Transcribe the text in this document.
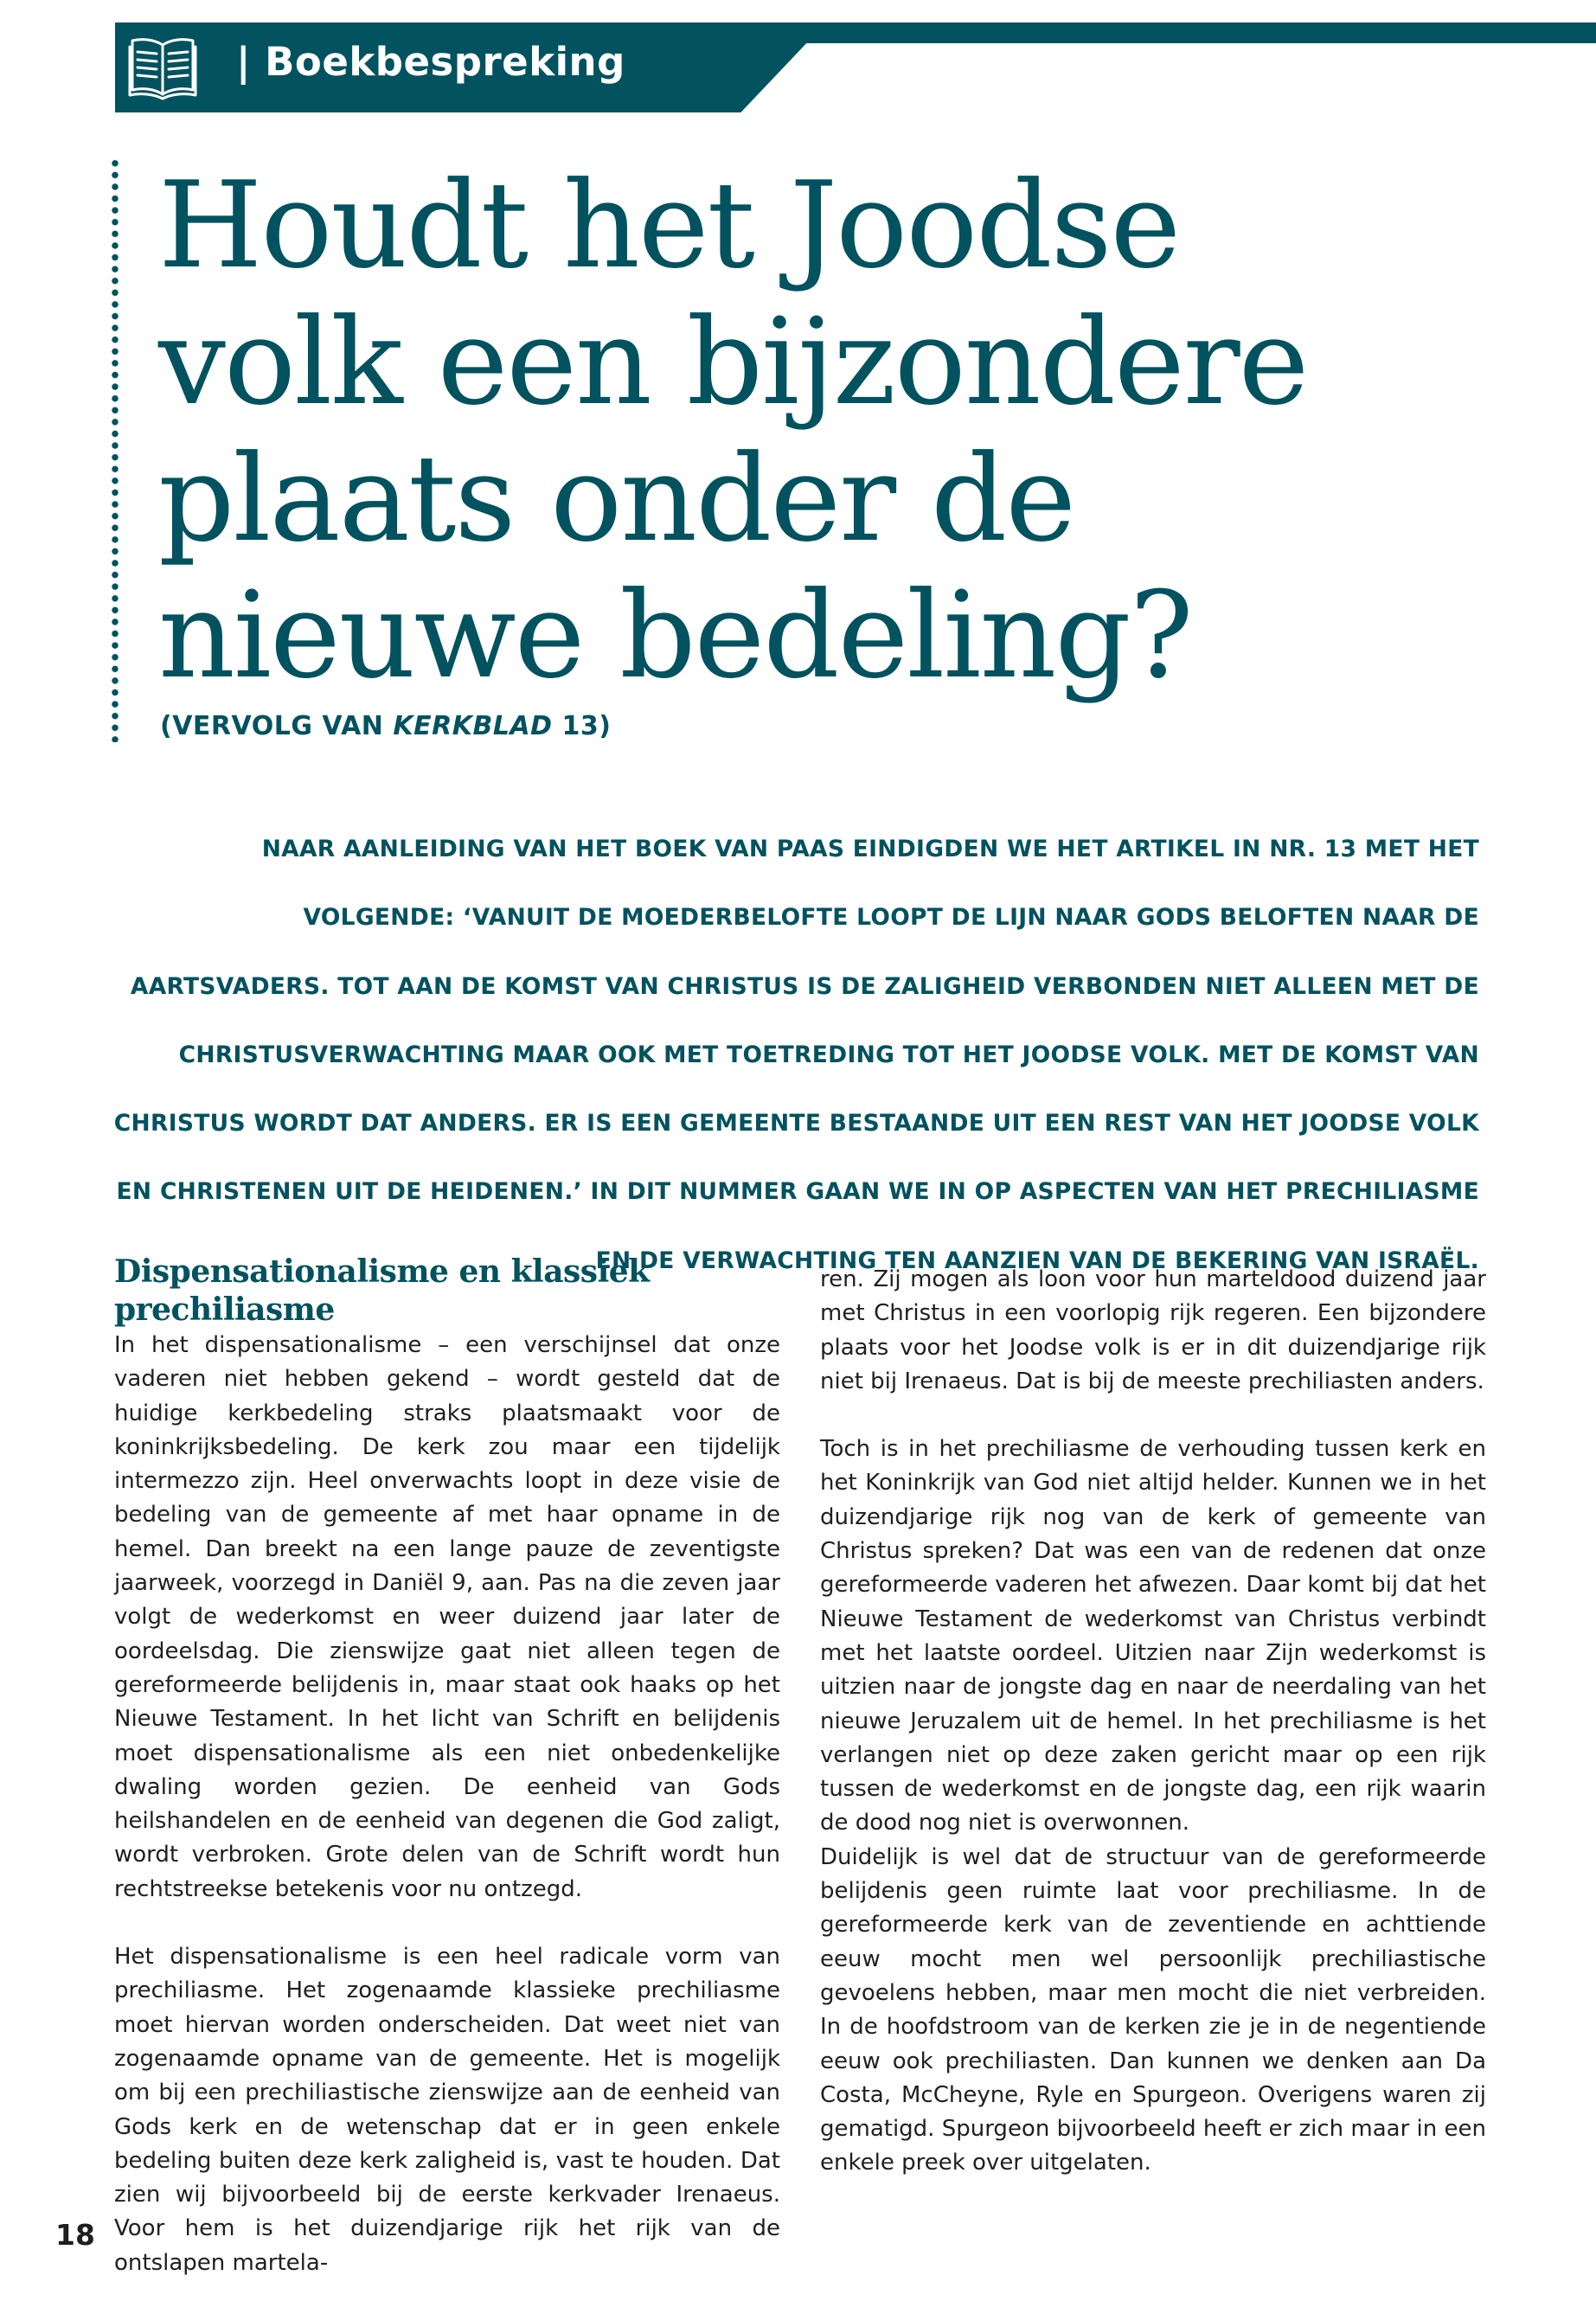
| Boekbespreking
Houdt het Joodse volk een bijzondere plaats onder de nieuwe bedeling?
(VERVOLG VAN KERKBLAD 13)

NAAR AANLEIDING VAN HET BOEK VAN PAAS EINDIGDEN WE HET ARTIKEL IN NR. 13 MET HET VOLGENDE: ‘VANUIT DE MOEDERBELOFTE LOOPT DE LIJN NAAR GODS BELOFTEN NAAR DE AARTSVADERS. TOT AAN DE KOMST VAN CHRISTUS IS DE ZALIGHEID VERBONDEN NIET ALLEEN MET DE CHRISTUSVERWACHTING MAAR OOK MET TOETREDING TOT HET JOODSE VOLK. MET DE KOMST VAN CHRISTUS WORDT DAT ANDERS. ER IS EEN GEMEENTE BESTAANDE UIT EEN REST VAN HET JOODSE VOLK EN CHRISTENEN UIT DE HEIDENEN.’ IN DIT NUMMER GAAN WE IN OP ASPECTEN VAN HET PRECHILIASME EN DE VERWACHTING TEN AANZIEN VAN DE BEKERING VAN ISRAËL.

Dispensationalisme en klassiek prechiliasme

In het dispensationalisme – een verschijnsel dat onze vaderen niet hebben gekend – wordt gesteld dat de huidige kerkbedeling straks plaatsmaakt voor de koninkrijksbedeling. De kerk zou maar een tijdelijk intermezzo zijn. Heel onverwachts loopt in deze visie de bedeling van de gemeente af met haar opname in de hemel. Dan breekt na een lange pauze de zeventigste jaarweek, voorzegd in Daniël 9, aan. Pas na die zeven jaar volgt de wederkomst en weer duizend jaar later de oordeelsdag. Die zienswijze gaat niet alleen tegen de gereformeerde belijdenis in, maar staat ook haaks op het Nieuwe Testament. In het licht van Schrift en belijdenis moet dispensationalisme als een niet onbedenkelijke dwaling worden gezien. De eenheid van Gods heilshandelen en de eenheid van degenen die God zaligt, wordt verbroken. Grote delen van de Schrift wordt hun rechtstreekse betekenis voor nu ontzegd.

Het dispensationalisme is een heel radicale vorm van prechiliasme. Het zogenaamde klassieke prechiliasme moet hiervan worden onderscheiden. Dat weet niet van zogenaamde opname van de gemeente. Het is mogelijk om bij een prechiliastische zienswijze aan de eenheid van Gods kerk en de wetenschap dat er in geen enkele bedeling buiten deze kerk zaligheid is, vast te houden. Dat zien wij bijvoorbeeld bij de eerste kerkvader Irenaeus. Voor hem is het duizendjarige rijk het rijk van de ontslapen martela-

ren. Zij mogen als loon voor hun marteldood duizend jaar met Christus in een voorlopig rijk regeren. Een bijzondere plaats voor het Joodse volk is er in dit duizendjarige rijk niet bij Irenaeus. Dat is bij de meeste prechiliasten anders.

Toch is in het prechiliasme de verhouding tussen kerk en het Koninkrijk van God niet altijd helder. Kunnen we in het duizendjarige rijk nog van de kerk of gemeente van Christus spreken? Dat was een van de redenen dat onze gereformeerde vaderen het afwezen. Daar komt bij dat het Nieuwe Testament de wederkomst van Christus verbindt met het laatste oordeel. Uitzien naar Zijn wederkomst is uitzien naar de jongste dag en naar de neerdaling van het nieuwe Jeruzalem uit de hemel. In het prechiliasme is het verlangen niet op deze zaken gericht maar op een rijk tussen de wederkomst en de jongste dag, een rijk waarin de dood nog niet is overwonnen.

Duidelijk is wel dat de structuur van de gereformeerde belijdenis geen ruimte laat voor prechiliasme. In de gereformeerde kerk van de zeventiende en achttiende eeuw mocht men wel persoonlijk prechiliastische gevoelens hebben, maar men mocht die niet verbreiden. In de hoofdstroom van de kerken zie je in de negentiende eeuw ook prechiliasten. Dan kunnen we denken aan Da Costa, McCheyne, Ryle en Spurgeon. Overigens waren zij gematigd. Spurgeon bijvoorbeeld heeft er zich maar in een enkele preek over uitgelaten.

18
